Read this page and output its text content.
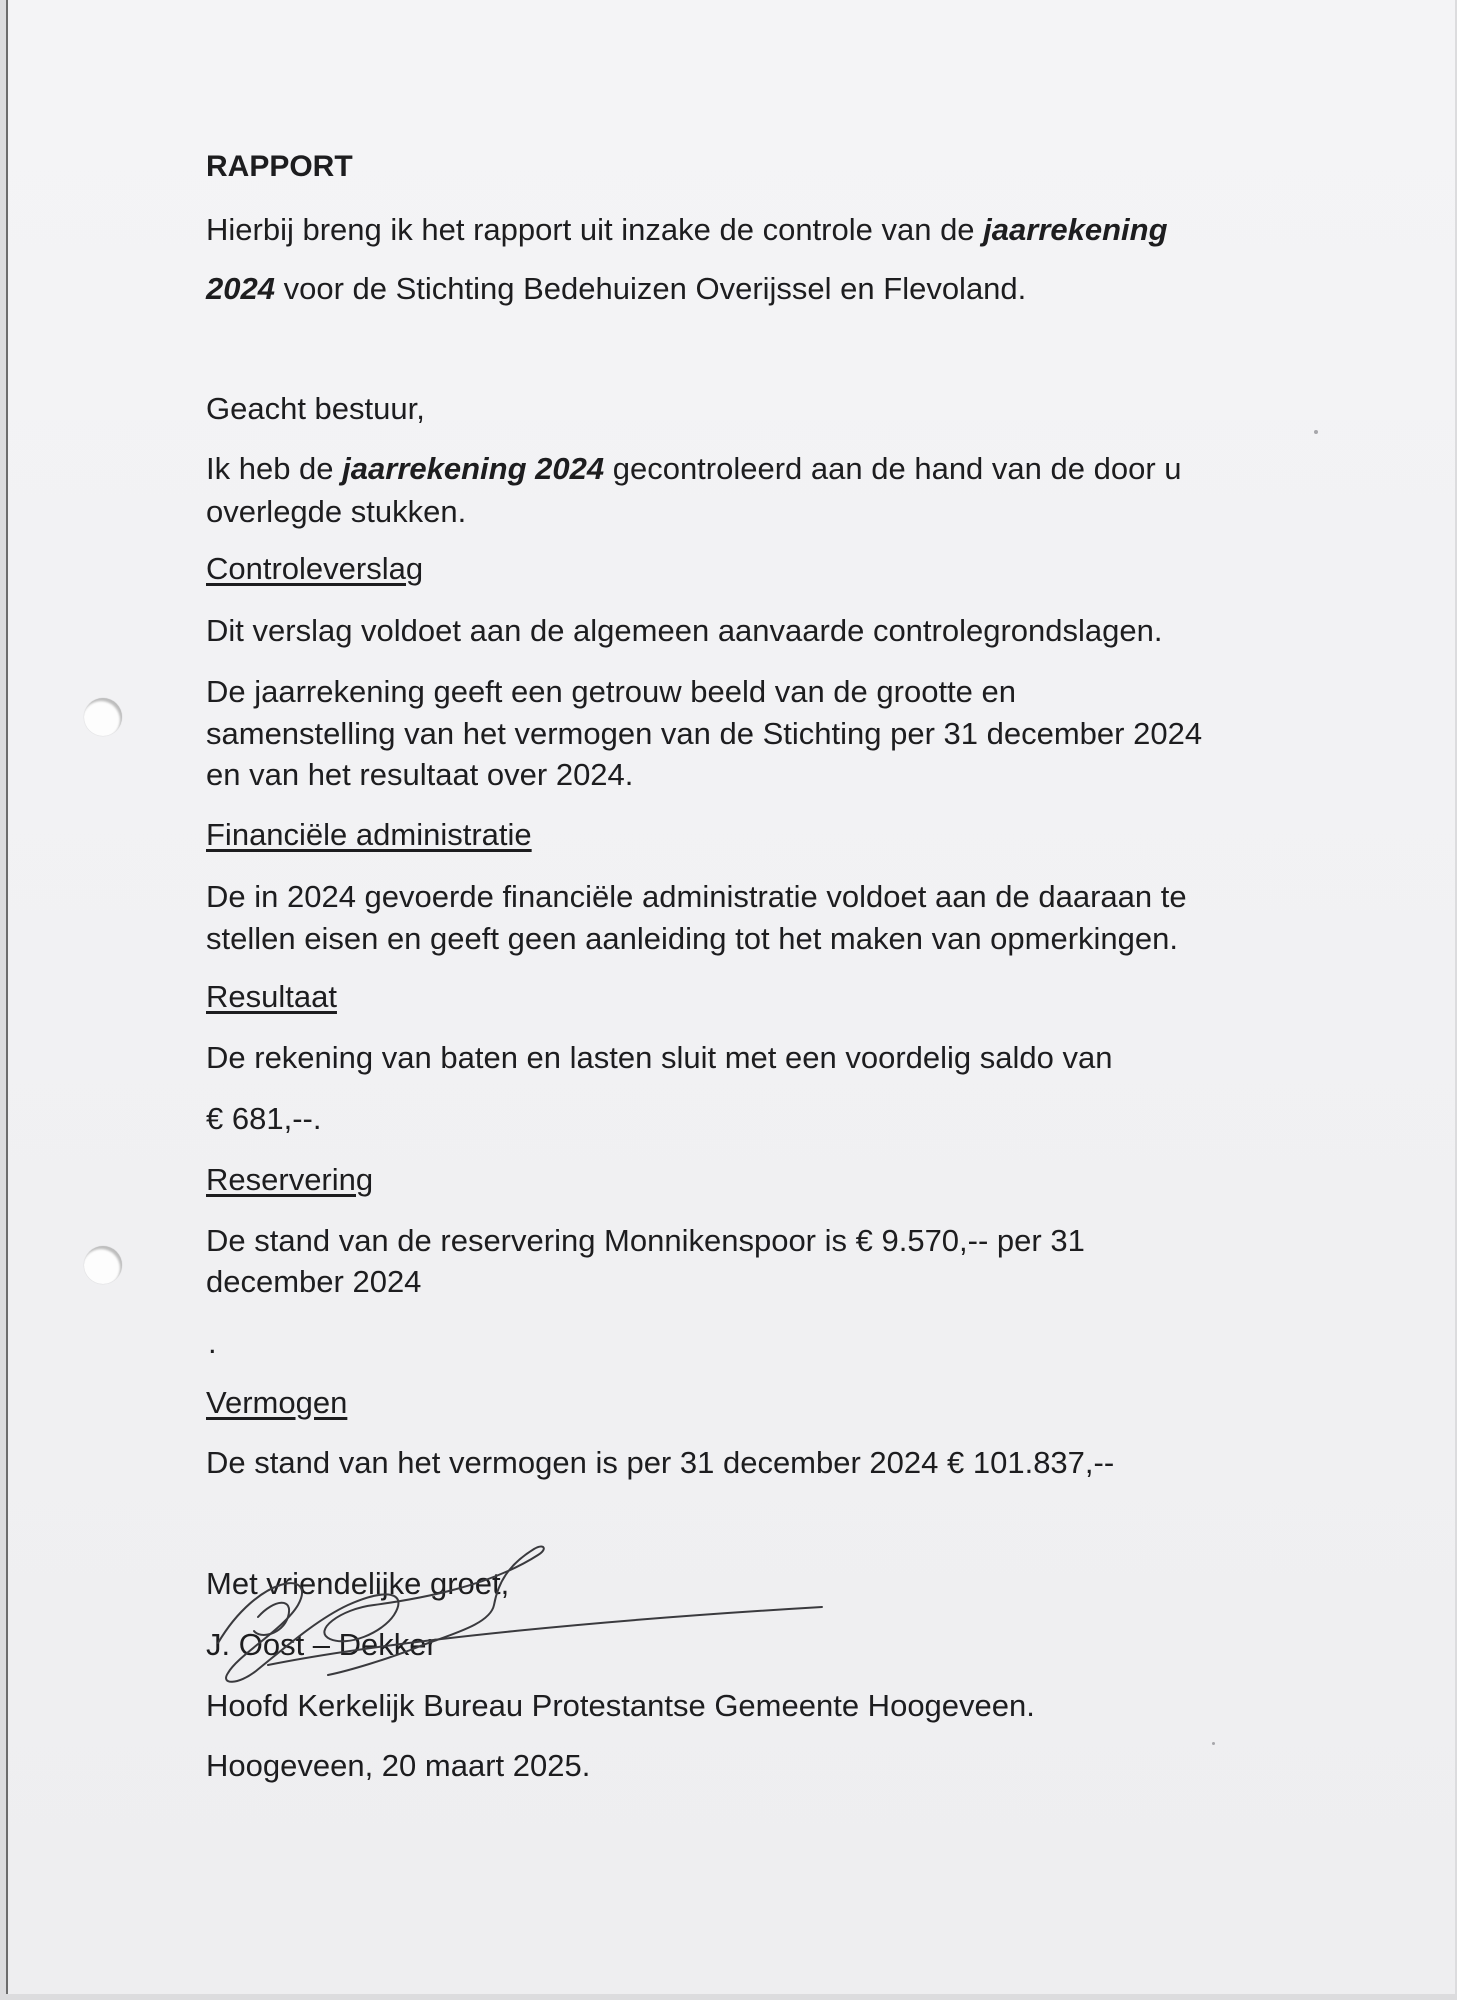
RAPPORT
Hierbij breng ik het rapport uit inzake de controle van de jaarrekening
2024 voor de Stichting Bedehuizen Overijssel en Flevoland.
Geacht bestuur,
Ik heb de jaarrekening 2024 gecontroleerd aan de hand van de door u
overlegde stukken.
Controleverslag
Dit verslag voldoet aan de algemeen aanvaarde controlegrondslagen.
De jaarrekening geeft een getrouw beeld van de grootte en
samenstelling van het vermogen van de Stichting per 31 december 2024
en van het resultaat over 2024.
Financiële administratie
De in 2024 gevoerde financiële administratie voldoet aan de daaraan te
stellen eisen en geeft geen aanleiding tot het maken van opmerkingen.
Resultaat
De rekening van baten en lasten sluit met een voordelig saldo van
€ 681,--.
Reservering
De stand van de reservering Monnikenspoor is € 9.570,-- per 31
december 2024
.
Vermogen
De stand van het vermogen is per 31 december 2024 € 101.837,--
Met vriendelijke groet,
J. Oost – Dekker
Hoofd Kerkelijk Bureau Protestantse Gemeente Hoogeveen.
Hoogeveen, 20 maart 2025.
